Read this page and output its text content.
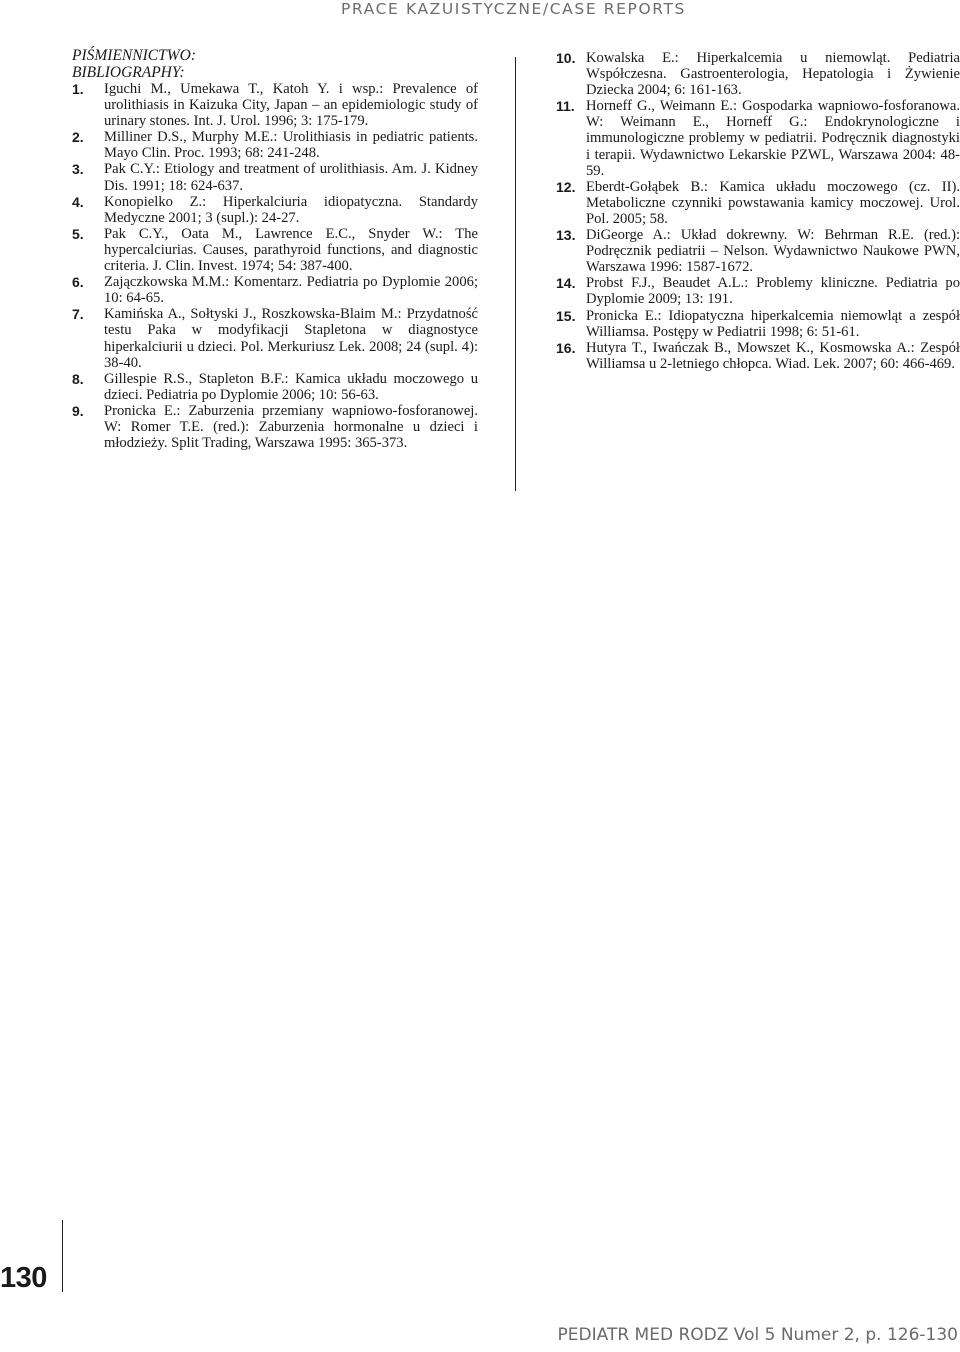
PRACE KAZUISTYCZNE/CASE REPORTS
PIŚMIENNICTWO:
BIBLIOGRAPHY:

1. Iguchi M., Umekawa T., Katoh Y. i wsp.: Prevalence of urolithiasis in Kaizuka City, Japan – an epidemiologic study of urinary stones. Int. J. Urol. 1996; 3: 175-179.

2. Milliner D.S., Murphy M.E.: Urolithiasis in pediatric patients. Mayo Clin. Proc. 1993; 68: 241-248.

3. Pak C.Y.: Etiology and treatment of urolithiasis. Am. J. Kidney Dis. 1991; 18: 624-637.

4. Konopielko Z.: Hiperkalciuria idiopatyczna. Standardy Medyczne 2001; 3 (supl.): 24-27.

5. Pak C.Y., Oata M., Lawrence E.C., Snyder W.: The hypercalciurias. Causes, parathyroid functions, and diagnostic criteria. J. Clin. Invest. 1974; 54: 387-400.

6. Zajączkowska M.M.: Komentarz. Pediatria po Dyplomie 2006; 10: 64-65.

7. Kamińska A., Sołtyski J., Roszkowska-Blaim M.: Przydatność testu Paka w modyfikacji Stapletona w diagnostyce hiperkalciurii u dzieci. Pol. Merkuriusz Lek. 2008; 24 (supl. 4): 38-40.

8. Gillespie R.S., Stapleton B.F.: Kamica układu moczowego u dzieci. Pediatria po Dyplomie 2006; 10: 56-63.

9. Pronicka E.: Zaburzenia przemiany wapniowo-fosforanowej. W: Romer T.E. (red.): Zaburzenia hormonalne u dzieci i młodzieży. Split Trading, Warszawa 1995: 365-373.

10. Kowalska E.: Hiperkalcemia u niemowląt. Pediatria Współczesna. Gastroenterologia, Hepatologia i Żywienie Dziecka 2004; 6: 161-163.

11. Horneff G., Weimann E.: Gospodarka wapniowo-fosforanowa. W: Weimann E., Horneff G.: Endokrynologiczne i immunologiczne problemy w pediatrii. Podręcznik diagnostyki i terapii. Wydawnictwo Lekarskie PZWL, Warszawa 2004: 48-59.

12. Eberdt-Gołąbek B.: Kamica układu moczowego (cz. II). Metaboliczne czynniki powstawania kamicy moczowej. Urol. Pol. 2005; 58.

13. DiGeorge A.: Układ dokrewny. W: Behrman R.E. (red.): Podręcznik pediatrii – Nelson. Wydawnictwo Naukowe PWN, Warszawa 1996: 1587-1672.

14. Probst F.J., Beaudet A.L.: Problemy kliniczne. Pediatria po Dyplomie 2009; 13: 191.

15. Pronicka E.: Idiopatyczna hiperkalcemia niemowląt a zespół Williamsa. Postępy w Pediatrii 1998; 6: 51-61.

16. Hutyra T., Iwańczak B., Mowszet K., Kosmowska A.: Zespół Williamsa u 2-letniego chłopca. Wiad. Lek. 2007; 60: 466-469.

130
PEDIATR MED RODZ Vol 5 Numer 2, p. 126-130
